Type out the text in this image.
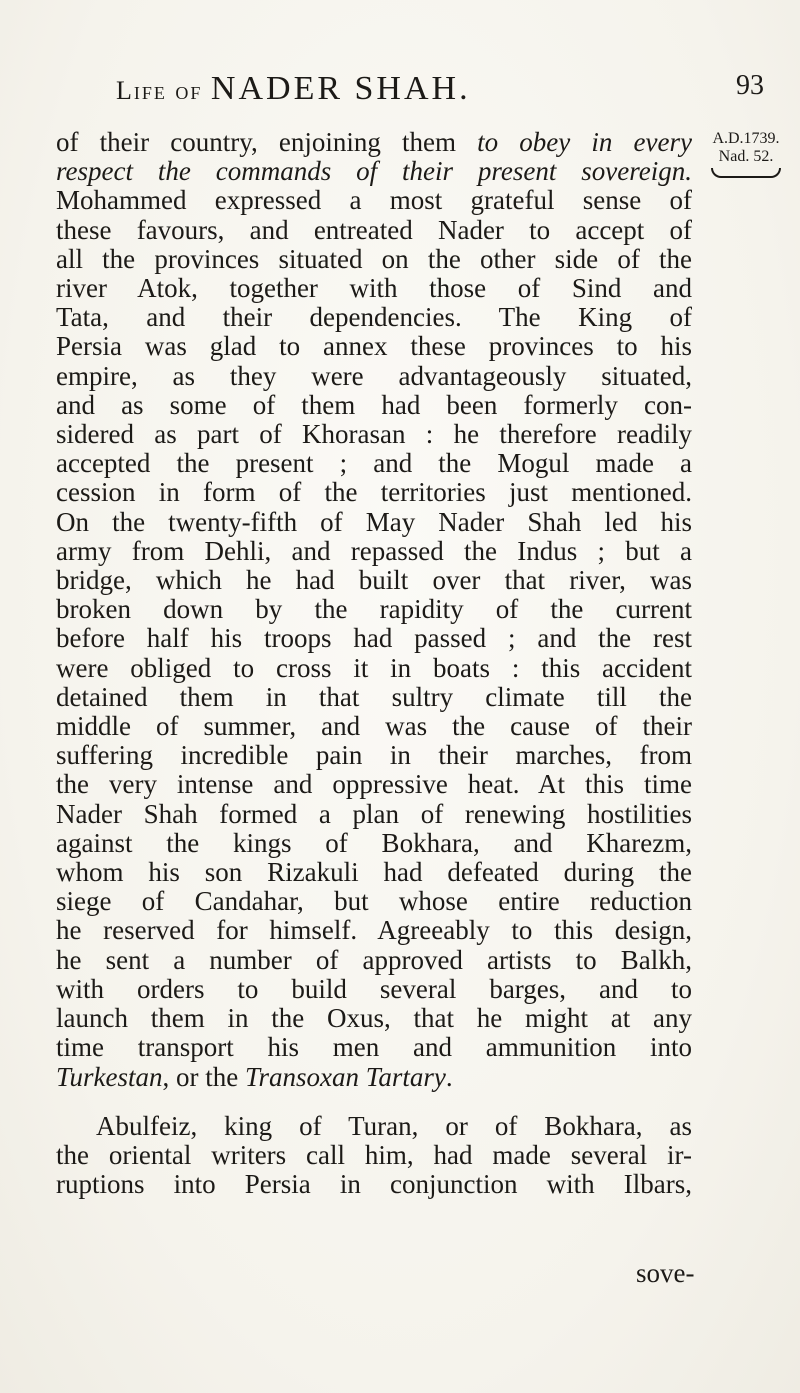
Life of NADER SHAH.	93
A.D.1739.
Nad. 52.
of their country, enjoining them to obey in every
respect the commands of their present sovereign.
Mohammed expressed a most grateful sense of
these favours, and entreated Nader to accept of
all the provinces situated on the other side of the
river Atok, together with those of Sind and
Tata, and their dependencies. The King of
Persia was glad to annex these provinces to his
empire, as they were advantageously situated,
and as some of them had been formerly con-
sidered as part of Khorasan : he therefore readily
accepted the present ; and the Mogul made a
cession in form of the territories just mentioned.
On the twenty-fifth of May Nader Shah led his
army from Dehli, and repassed the Indus ; but a
bridge, which he had built over that river, was
broken down by the rapidity of the current
before half his troops had passed ; and the rest
were obliged to cross it in boats : this accident
detained them in that sultry climate till the
middle of summer, and was the cause of their
suffering incredible pain in their marches, from
the very intense and oppressive heat. At this time
Nader Shah formed a plan of renewing hostilities
against the kings of Bokhara, and Kharezm,
whom his son Rizakuli had defeated during the
siege of Candahar, but whose entire reduction
he reserved for himself. Agreeably to this design,
he sent a number of approved artists to Balkh,
with orders to build several barges, and to
launch them in the Oxus, that he might at any
time transport his men and ammunition into
Turkestan, or the Transoxan Tartary.
Abulfeiz, king of Turan, or of Bokhara, as
the oriental writers call him, had made several ir-
ruptions into Persia in conjunction with Ilbars,
sove-
